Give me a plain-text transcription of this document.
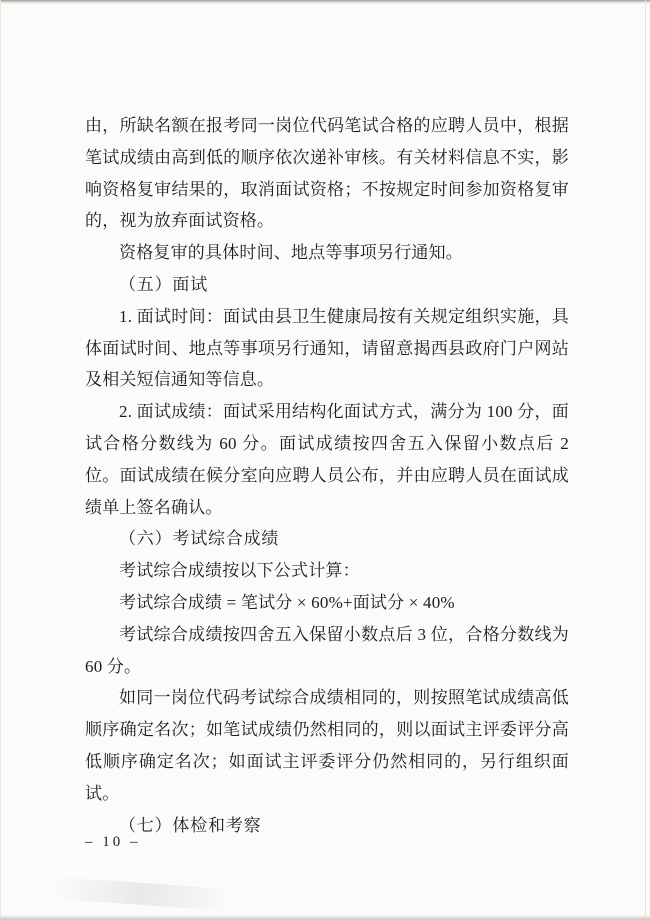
由，所缺名额在报考同一岗位代码笔试合格的应聘人员中，根据笔试成绩由高到低的顺序依次递补审核。有关材料信息不实，影响资格复审结果的，取消面试资格；不按规定时间参加资格复审的，视为放弃面试资格。

资格复审的具体时间、地点等事项另行通知。

（五）面试

1. 面试时间：面试由县卫生健康局按有关规定组织实施，具体面试时间、地点等事项另行通知，请留意揭西县政府门户网站及相关短信通知等信息。

2. 面试成绩：面试采用结构化面试方式，满分为 100 分，面试合格分数线为 60 分。面试成绩按四舍五入保留小数点后 2 位。面试成绩在候分室向应聘人员公布，并由应聘人员在面试成绩单上签名确认。

（六）考试综合成绩

考试综合成绩按以下公式计算：

考试综合成绩 = 笔试分 × 60%+面试分 × 40%

考试综合成绩按四舍五入保留小数点后 3 位，合格分数线为 60 分。

如同一岗位代码考试综合成绩相同的，则按照笔试成绩高低顺序确定名次；如笔试成绩仍然相同的，则以面试主评委评分高低顺序确定名次；如面试主评委评分仍然相同的，另行组织面试。

（七）体检和考察

– 10 –
